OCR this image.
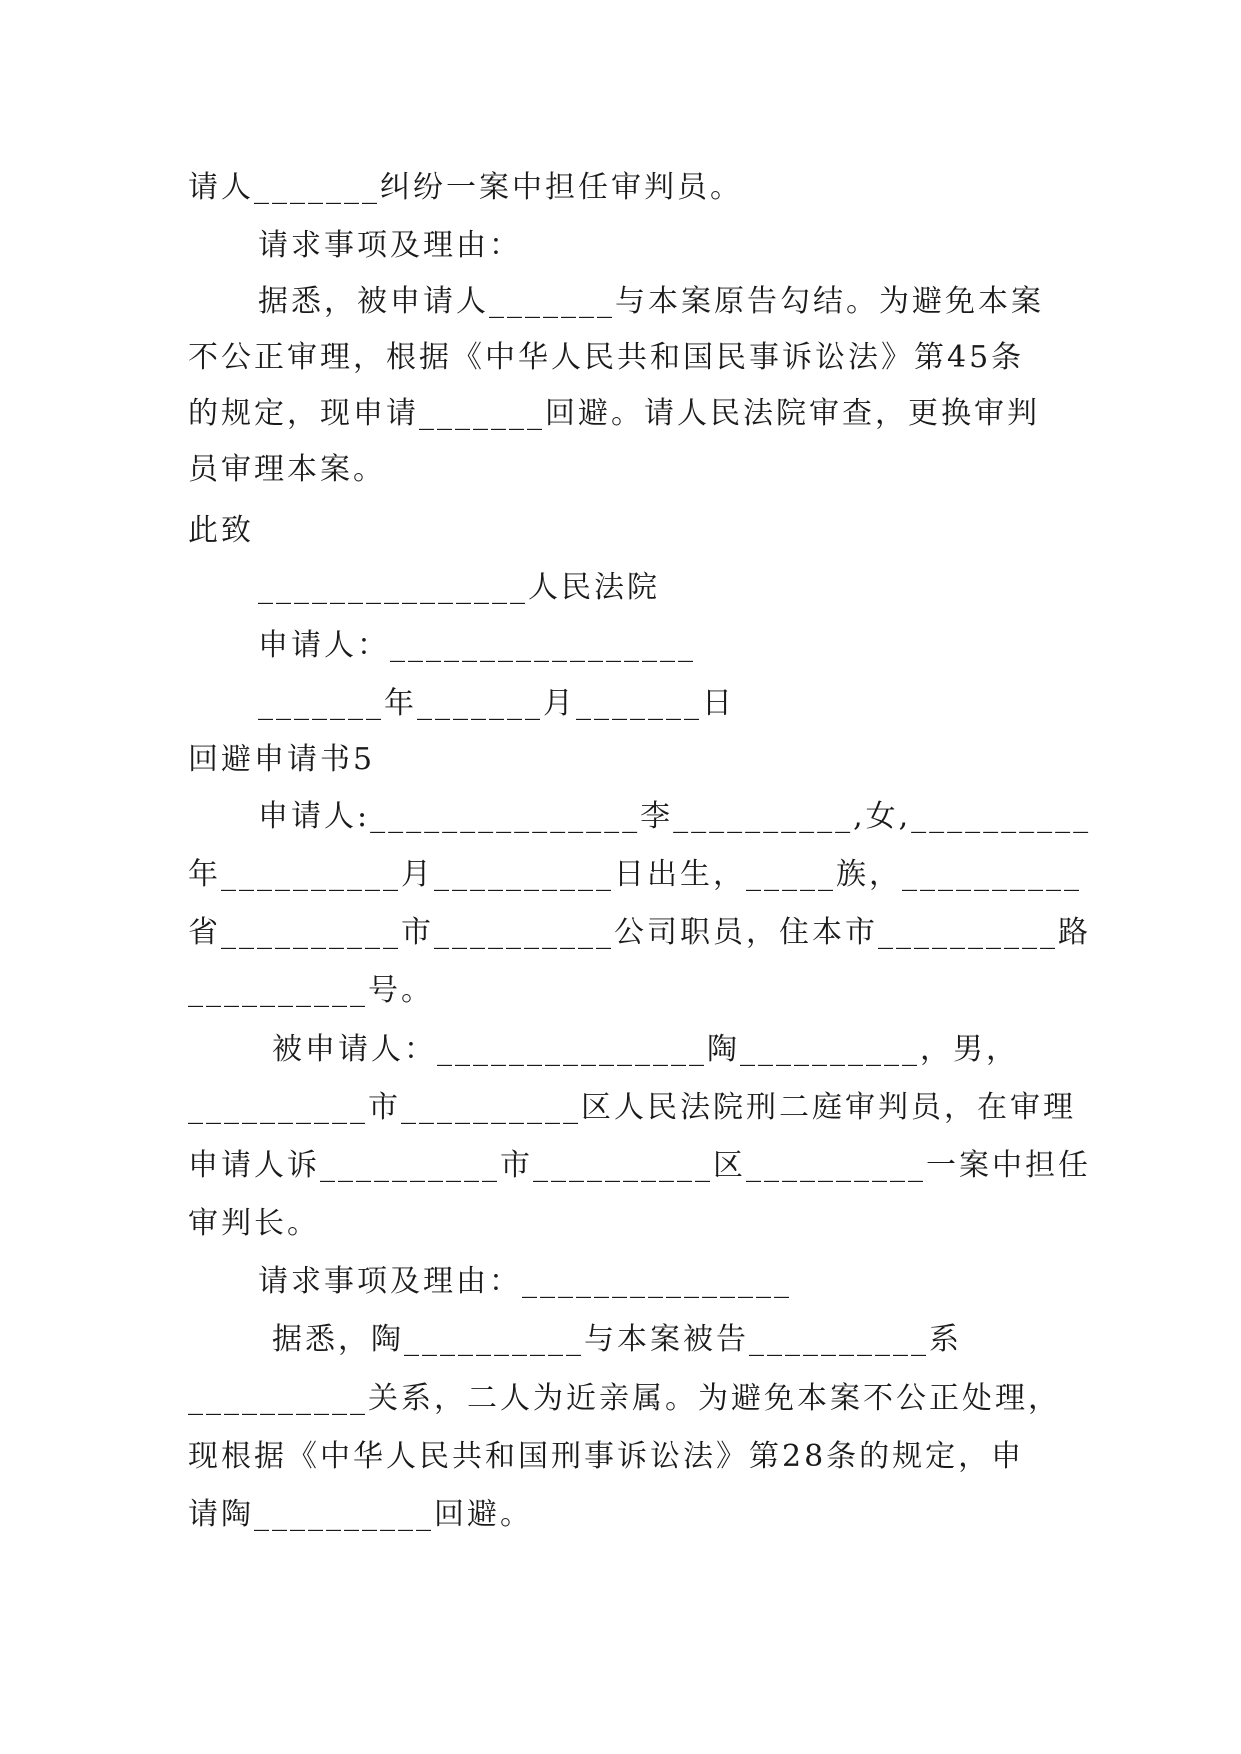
请人_______纠纷一案中担任审判员。
请求事项及理由：
据悉，被申请人_______与本案原告勾结。为避免本案
不公正审理，根据《中华人民共和国民事诉讼法》第45条
的规定，现申请_______回避。请人民法院审查，更换审判
员审理本案。
此致
_______________人民法院
申请人：_________________
_______年_______月_______日
回避申请书5
申请人:_______________李__________,女,__________
年__________月__________日出生，_____族，__________
省__________市__________公司职员，住本市__________路
__________号。
被申请人：_______________陶__________，男，
__________市__________区人民法院刑二庭审判员，在审理
申请人诉__________市__________区__________一案中担任
审判长。
请求事项及理由：_______________
据悉，陶__________与本案被告__________系
__________关系，二人为近亲属。为避免本案不公正处理，
现根据《中华人民共和国刑事诉讼法》第28条的规定，申
请陶__________回避。
